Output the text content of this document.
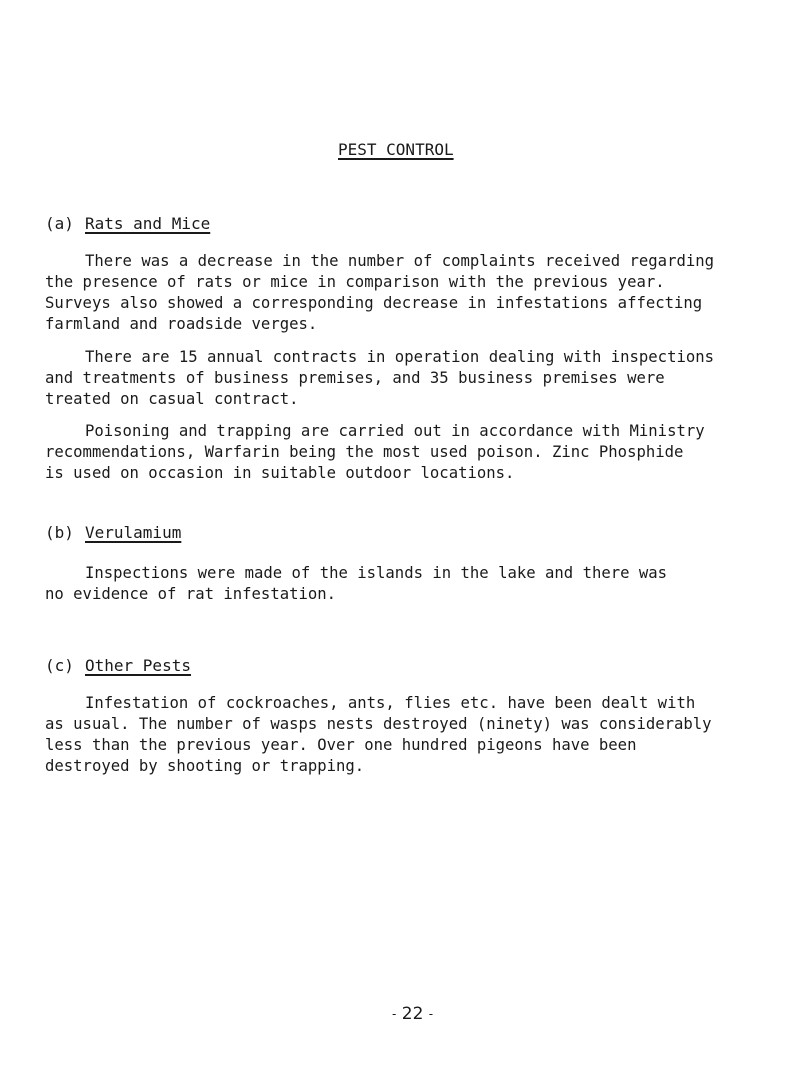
PEST CONTROL
(a) Rats and Mice
There was a decrease in the number of complaints received regarding
the presence of rats or mice in comparison with the previous year.
Surveys also showed a corresponding decrease in infestations affecting
farmland and roadside verges.
There are 15 annual contracts in operation dealing with inspections
and treatments of business premises, and 35 business premises were
treated on casual contract.
Poisoning and trapping are carried out in accordance with Ministry
recommendations, Warfarin being the most used poison. Zinc Phosphide
is used on occasion in suitable outdoor locations.
(b) Verulamium
Inspections were made of the islands in the lake and there was
no evidence of rat infestation.
(c) Other Pests
Infestation of cockroaches, ants, flies etc. have been dealt with
as usual. The number of wasps nests destroyed (ninety) was considerably
less than the previous year. Over one hundred pigeons have been
destroyed by shooting or trapping.
- 22 -
